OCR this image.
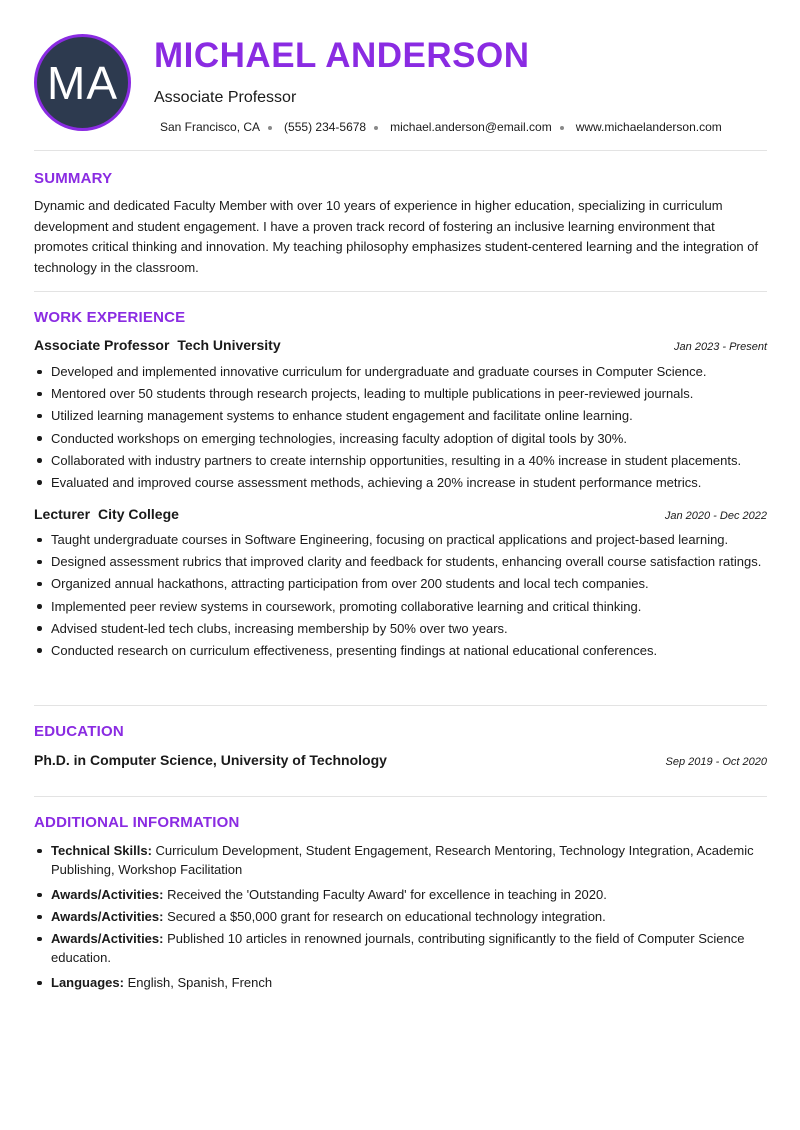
MA
MICHAEL ANDERSON
Associate Professor
San Francisco, CA (555) 234-5678 michael.anderson@email.com www.michaelanderson.com
SUMMARY

Dynamic and dedicated Faculty Member with over 10 years of experience in higher education, specializing in curriculum development and student engagement. I have a proven track record of fostering an inclusive learning environment that promotes critical thinking and innovation. My teaching philosophy emphasizes student-centered learning and the integration of technology in the classroom.

WORK EXPERIENCE
Associate Professor Tech University	Jan 2023 - Present
Developed and implemented innovative curriculum for undergraduate and graduate courses in Computer Science.
Mentored over 50 students through research projects, leading to multiple publications in peer-reviewed journals.
Utilized learning management systems to enhance student engagement and facilitate online learning.
Conducted workshops on emerging technologies, increasing faculty adoption of digital tools by 30%.
Collaborated with industry partners to create internship opportunities, resulting in a 40% increase in student placements.
Evaluated and improved course assessment methods, achieving a 20% increase in student performance metrics.
Lecturer City College	Jan 2020 - Dec 2022
Taught undergraduate courses in Software Engineering, focusing on practical applications and project-based learning.
Designed assessment rubrics that improved clarity and feedback for students, enhancing overall course satisfaction ratings.
Organized annual hackathons, attracting participation from over 200 students and local tech companies.
Implemented peer review systems in coursework, promoting collaborative learning and critical thinking.
Advised student-led tech clubs, increasing membership by 50% over two years.
Conducted research on curriculum effectiveness, presenting findings at national educational conferences.
EDUCATION
Ph.D. in Computer Science, University of Technology	Sep 2019 - Oct 2020
ADDITIONAL INFORMATION
Technical Skills: Curriculum Development, Student Engagement, Research Mentoring, Technology Integration, Academic Publishing, Workshop Facilitation
Awards/Activities: Received the 'Outstanding Faculty Award' for excellence in teaching in 2020.
Awards/Activities: Secured a $50,000 grant for research on educational technology integration.
Awards/Activities: Published 10 articles in renowned journals, contributing significantly to the field of Computer Science education.
Languages: English, Spanish, French
